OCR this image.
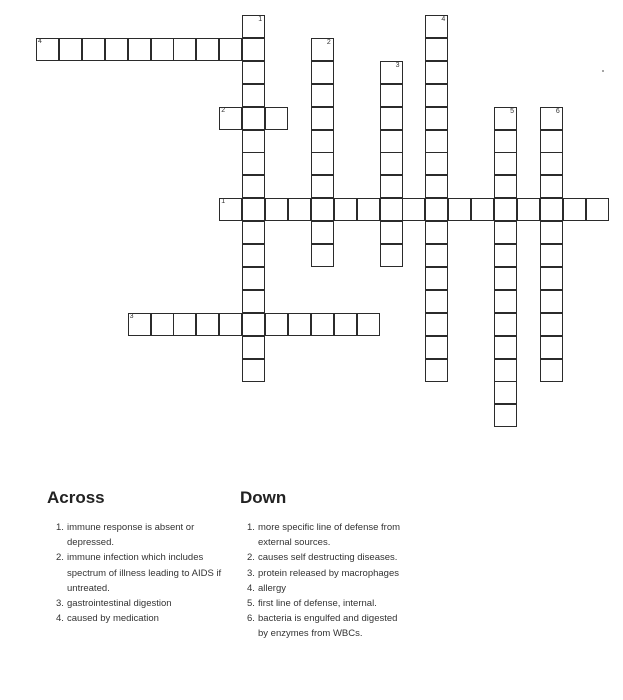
4
2
1
3
1
2
3
4
5	6
Across
1. immune response is absent or depressed.
2. immune infection which includes spectrum of illness leading to AIDS if untreated.
3. gastrointestinal digestion
4. caused by medication
Down
1. more specific line of defense from external sources.
2. causes self destructing diseases.
3. protein released by macrophages
4. allergy
5. first line of defense, internal.
6. bacteria is engulfed and digested by enzymes from WBCs.
